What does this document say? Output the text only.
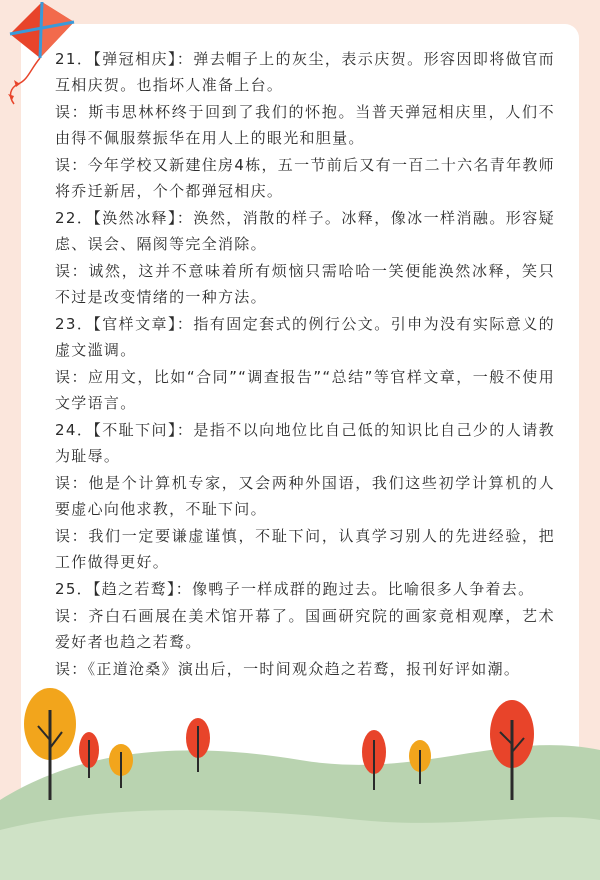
21．【弹冠相庆】：弹去帽子上的灰尘，表示庆贺。形容因即将做官而互相庆贺。也指坏人准备上台。

误：斯韦思林杯终于回到了我们的怀抱。当普天弹冠相庆里，人们不由得不佩服蔡振华在用人上的眼光和胆量。

误：今年学校又新建住房4栋，五一节前后又有一百二十六名青年教师将乔迁新居，个个都弹冠相庆。

22．【涣然冰释】：涣然，消散的样子。冰释，像冰一样消融。形容疑虑、误会、隔阂等完全消除。

误：诚然，这并不意味着所有烦恼只需哈哈一笑便能涣然冰释，笑只不过是改变情绪的一种方法。

23．【官样文章】：指有固定套式的例行公文。引申为没有实际意义的虚文滥调。

误：应用文，比如“合同”“调查报告”“总结”等官样文章，一般不使用文学语言。

24．【不耻下问】：是指不以向地位比自己低的知识比自己少的人请教为耻辱。

误：他是个计算机专家，又会两种外国语，我们这些初学计算机的人要虚心向他求教，不耻下问。

误：我们一定要谦虚谨慎，不耻下问，认真学习别人的先进经验，把工作做得更好。

25．【趋之若鹜】：像鸭子一样成群的跑过去。比喻很多人争着去。

误：齐白石画展在美术馆开幕了。国画研究院的画家竟相观摩，艺术爱好者也趋之若鹜。

误：《正道沧桑》演出后，一时间观众趋之若鹜，报刊好评如潮。
